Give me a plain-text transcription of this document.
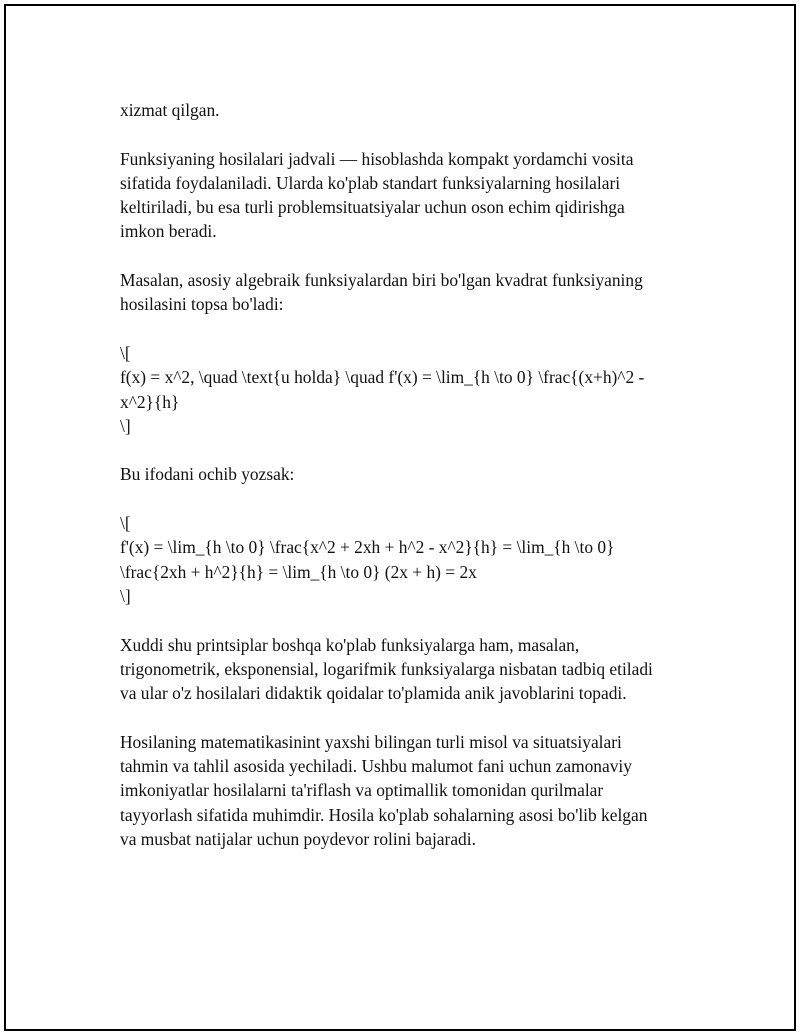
xizmat qilgan.

Funksiyaning hosilalari jadvali — hisoblashda kompakt yordamchi vosita
sifatida foydalaniladi. Ularda ko'plab standart funksiyalarning hosilalari
keltiriladi, bu esa turli problemsituatsiyalar uchun oson echim qidirishga
imkon beradi.

Masalan, asosiy algebraik funksiyalardan biri bo'lgan kvadrat funksiyaning
hosilasini topsa bo'ladi:

\[
f(x) = x^2, \quad \text{u holda} \quad f'(x) = \lim_{h \to 0} \frac{(x+h)^2 -
x^2}{h}
\]

Bu ifodani ochib yozsak:

\[
f'(x) = \lim_{h \to 0} \frac{x^2 + 2xh + h^2 - x^2}{h} = \lim_{h \to 0}
\frac{2xh + h^2}{h} = \lim_{h \to 0} (2x + h) = 2x
\]

Xuddi shu printsiplar boshqa ko'plab funksiyalarga ham, masalan,
trigonometrik, eksponensial, logarifmik funksiyalarga nisbatan tadbiq etiladi
va ular o'z hosilalari didaktik qoidalar to'plamida anik javoblarini topadi.

Hosilaning matematikasinint yaxshi bilingan turli misol va situatsiyalari
tahmin va tahlil asosida yechiladi. Ushbu malumot fani uchun zamonaviy
imkoniyatlar hosilalarni ta'riflash va optimallik tomonidan qurilmalar
tayyorlash sifatida muhimdir. Hosila ko'plab sohalarning asosi bo'lib kelgan
va musbat natijalar uchun poydevor rolini bajaradi.
